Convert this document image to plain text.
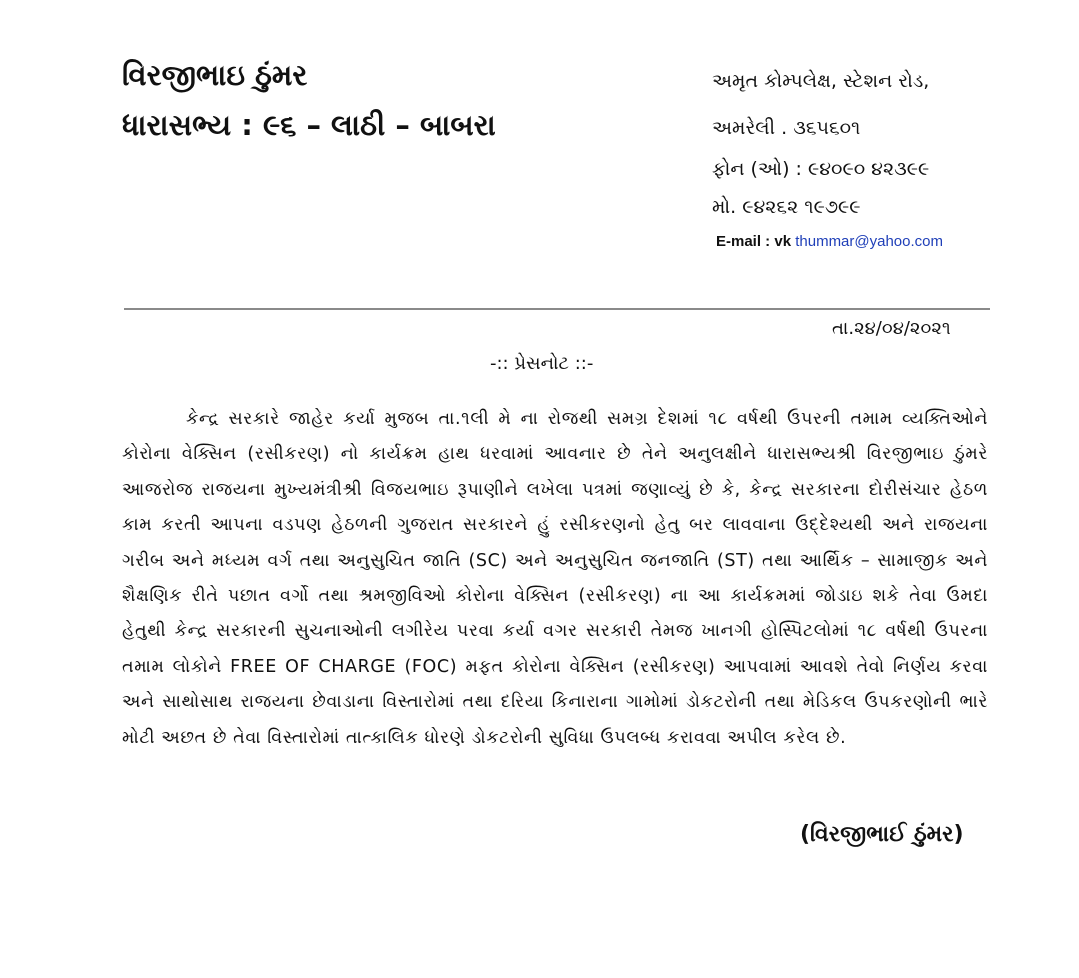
વિરજીભાઇ ઠુંમર
ધારાસભ્ય : ૯૬ – લાઠી – બાબરા
અમૃત કોમ્પલેક્ષ, સ્ટેશન રોડ,
અમરેલી . ૩૬૫૬૦૧
ફોન (ઓ) : ૯૪૦૯૦ ૪૨૩૯૯
મો. ૯૪૨૬૨ ૧૯૭૯૯
E-mail : vk thummar@yahoo.com
તા.૨૪/૦૪/૨૦૨૧
-:: પ્રેસનોટ ::-

કેન્દ્ર સરકારે જાહેર કર્યા મુજબ તા.૧લી મે ના રોજથી સમગ્ર દેશમાં ૧૮ વર્ષથી ઉપરની તમામ વ્યક્તિઓને કોરોના વેક્સિન (રસીકરણ) નો કાર્યક્રમ હાથ ધરવામાં આવનાર છે તેને અનુલક્ષીને ધારાસભ્યશ્રી વિરજીભાઇ ઠુંમરે આજરોજ રાજયના મુખ્યમંત્રીશ્રી વિજયભાઇ રૂપાણીને લખેલા પત્રમાં જણાવ્યું છે કે, કેન્દ્ર સરકારના દોરીસંચાર હેઠળ કામ કરતી આપના વડપણ હેઠળની ગુજરાત સરકારને હું રસીકરણનો હેતુ બર લાવવાના ઉદ્દેશ્યથી અને રાજયના ગરીબ અને મધ્યમ વર્ગ તથા અનુસુચિત જાતિ (SC) અને અનુસુચિત જનજાતિ (ST) તથા આર્થિક – સામાજીક અને શૈક્ષણિક રીતે પછાત વર્ગો તથા શ્રમજીવિઓ કોરોના વેક્સિન (રસીકરણ) ના આ કાર્યક્રમમાં જોડાઇ શકે તેવા ઉમદા હેતુથી કેન્દ્ર સરકારની સુચનાઓની લગીરેય પરવા કર્યા વગર સરકારી તેમજ ખાનગી હોસ્પિટલોમાં ૧૮ વર્ષથી ઉપરના તમામ લોકોને FREE OF CHARGE (FOC) મફત કોરોના વેક્સિન (રસીકરણ) આપવામાં આવશે તેવો નિર્ણય કરવા અને સાથોસાથ રાજયના છેવાડાના વિસ્તારોમાં તથા દરિયા કિનારાના ગામોમાં ડોકટરોની તથા મેડિકલ ઉપકરણોની ભારે મોટી અછત છે તેવા વિસ્તારોમાં તાત્કાલિક ધોરણે ડોકટરોની સુવિધા ઉપલબ્ધ કરાવવા અપીલ કરેલ છે.

(વિરજીભાઈ ઠુંમર)
